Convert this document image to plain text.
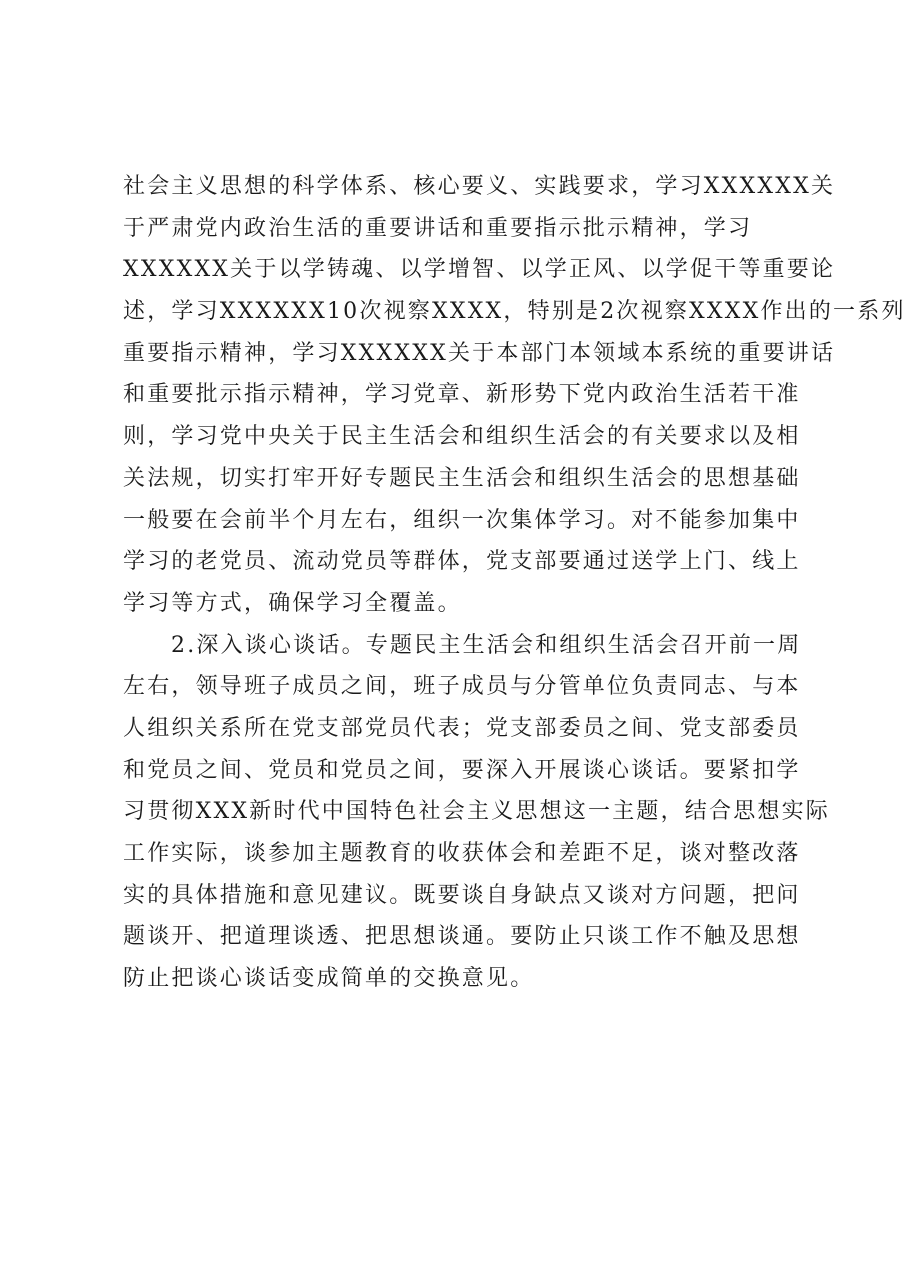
社会主义思想的科学体系、核心要义、实践要求，学习XXXXXX关
于严肃党内政治生活的重要讲话和重要指示批示精神，学习
XXXXXX关于以学铸魂、以学增智、以学正风、以学促干等重要论
述，学习XXXXXX10次视察XXXX，特别是2次视察XXXX作出的一系列
重要指示精神，学习XXXXXX关于本部门本领域本系统的重要讲话
和重要批示指示精神，学习党章、新形势下党内政治生活若干准
则，学习党中央关于民主生活会和组织生活会的有关要求以及相
关法规，切实打牢开好专题民主生活会和组织生活会的思想基础
一般要在会前半个月左右，组织一次集体学习。对不能参加集中
学习的老党员、流动党员等群体，党支部要通过送学上门、线上
学习等方式，确保学习全覆盖。
2.深入谈心谈话。专题民主生活会和组织生活会召开前一周
左右，领导班子成员之间，班子成员与分管单位负责同志、与本
人组织关系所在党支部党员代表；党支部委员之间、党支部委员
和党员之间、党员和党员之间，要深入开展谈心谈话。要紧扣学
习贯彻XXX新时代中国特色社会主义思想这一主题，结合思想实际
工作实际，谈参加主题教育的收获体会和差距不足，谈对整改落
实的具体措施和意见建议。既要谈自身缺点又谈对方问题，把问
题谈开、把道理谈透、把思想谈通。要防止只谈工作不触及思想
防止把谈心谈话变成简单的交换意见。
